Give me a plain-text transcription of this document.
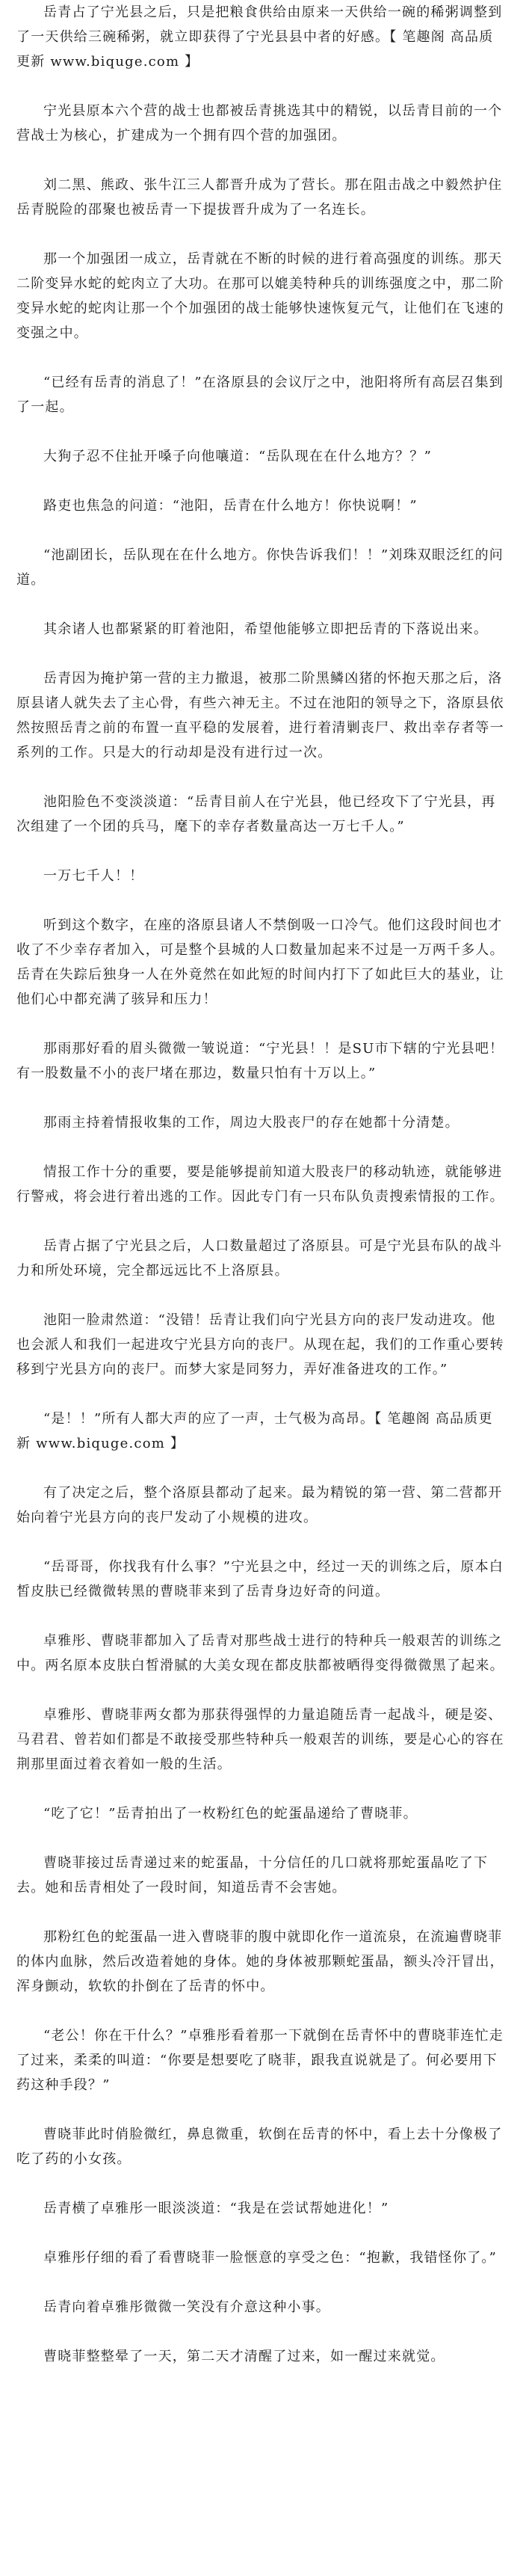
岳青占了宁光县之后，只是把粮食供给由原来一天供给一碗的稀粥调整到了一天供给三碗稀粥，就立即获得了宁光县县中者的好感。【 笔趣阁 高品质更新 www.biquge.com 】

宁光县原本六个营的战士也都被岳青挑选其中的精锐，以岳青目前的一个营战士为核心，扩建成为一个拥有四个营的加强团。

刘二黑、熊政、张牛江三人都晋升成为了营长。那在阻击战之中毅然护住岳青脱险的邵聚也被岳青一下提拔晋升成为了一名连长。

那一个加强团一成立，岳青就在不断的时候的进行着高强度的训练。那天二阶变异水蛇的蛇肉立了大功。在那可以媲美特种兵的训练强度之中，那二阶变异水蛇的蛇肉让那一个个加强团的战士能够快速恢复元气，让他们在飞速的变强之中。

“已经有岳青的消息了！”在洛原县的会议厅之中，池阳将所有高层召集到了一起。

大狗子忍不住扯开嗓子向他嚷道：“岳队现在在什么地方？？”

路吏也焦急的问道：“池阳，岳青在什么地方！你快说啊！”

“池副团长，岳队现在在什么地方。你快告诉我们！！”刘珠双眼泛红的问道。

其余诸人也都紧紧的盯着池阳，希望他能够立即把岳青的下落说出来。

岳青因为掩护第一营的主力撤退，被那二阶黑鳞凶猪的怀抱天那之后，洛原县诸人就失去了主心骨，有些六神无主。不过在池阳的领导之下，洛原县依然按照岳青之前的布置一直平稳的发展着，进行着清剿丧尸、救出幸存者等一系列的工作。只是大的行动却是没有进行过一次。

池阳脸色不变淡淡道：“岳青目前人在宁光县，他已经攻下了宁光县，再次组建了一个团的兵马，麾下的幸存者数量高达一万七千人。”

一万七千人！！

听到这个数字，在座的洛原县诸人不禁倒吸一口冷气。他们这段时间也才收了不少幸存者加入，可是整个县城的人口数量加起来不过是一万两千多人。岳青在失踪后独身一人在外竟然在如此短的时间内打下了如此巨大的基业，让他们心中都充满了骇异和压力！

那雨那好看的眉头微微一皱说道：“宁光县！！是SU市下辖的宁光县吧！有一股数量不小的丧尸堵在那边，数量只怕有十万以上。”

那雨主持着情报收集的工作，周边大股丧尸的存在她都十分清楚。

情报工作十分的重要，要是能够提前知道大股丧尸的移动轨迹，就能够进行警戒，将会进行着出逃的工作。因此专门有一只布队负责搜索情报的工作。

岳青占据了宁光县之后，人口数量超过了洛原县。可是宁光县布队的战斗力和所处环境，完全都远远比不上洛原县。

池阳一脸肃然道：“没错！岳青让我们向宁光县方向的丧尸发动进攻。他也会派人和我们一起进攻宁光县方向的丧尸。从现在起，我们的工作重心要转移到宁光县方向的丧尸。而梦大家是同努力，弄好准备进攻的工作。”

“是！！”所有人都大声的应了一声，士气极为高昂。【 笔趣阁 高品质更新 www.biquge.com 】

有了决定之后，整个洛原县都动了起来。最为精锐的第一营、第二营都开始向着宁光县方向的丧尸发动了小规模的进攻。

“岳哥哥，你找我有什么事？”宁光县之中，经过一天的训练之后，原本白皙皮肤已经微微转黑的曹晓菲来到了岳青身边好奇的问道。

卓雅彤、曹晓菲都加入了岳青对那些战士进行的特种兵一般艰苦的训练之中。两名原本皮肤白皙滑腻的大美女现在都皮肤都被晒得变得微微黑了起来。

卓雅彤、曹晓菲两女都为那获得强悍的力量追随岳青一起战斗，硬是姿、马君君、曾若如们都是不敢接受那些特种兵一般艰苦的训练，要是心心的容在荆那里面过着衣着如一般的生活。

“吃了它！”岳青拍出了一枚粉红色的蛇蛋晶递给了曹晓菲。

曹晓菲接过岳青递过来的蛇蛋晶，十分信任的几口就将那蛇蛋晶吃了下去。她和岳青相处了一段时间，知道岳青不会害她。

那粉红色的蛇蛋晶一进入曹晓菲的腹中就即化作一道流泉，在流遍曹晓菲的体内血脉，然后改造着她的身体。她的身体被那颗蛇蛋晶，额头冷汗冒出，浑身颤动，软软的扑倒在了岳青的怀中。

“老公！你在干什么？”卓雅彤看着那一下就倒在岳青怀中的曹晓菲连忙走了过来，柔柔的叫道：“你要是想要吃了晓菲，跟我直说就是了。何必要用下药这种手段？”

曹晓菲此时俏脸微红，鼻息微重，软倒在岳青的怀中，看上去十分像极了吃了药的小女孩。

岳青横了卓雅彤一眼淡淡道：“我是在尝试帮她进化！”

卓雅彤仔细的看了看曹晓菲一脸惬意的享受之色：“抱歉，我错怪你了。”

岳青向着卓雅彤微微一笑没有介意这种小事。

曹晓菲整整晕了一天，第二天才清醒了过来，如一醒过来就觉。
